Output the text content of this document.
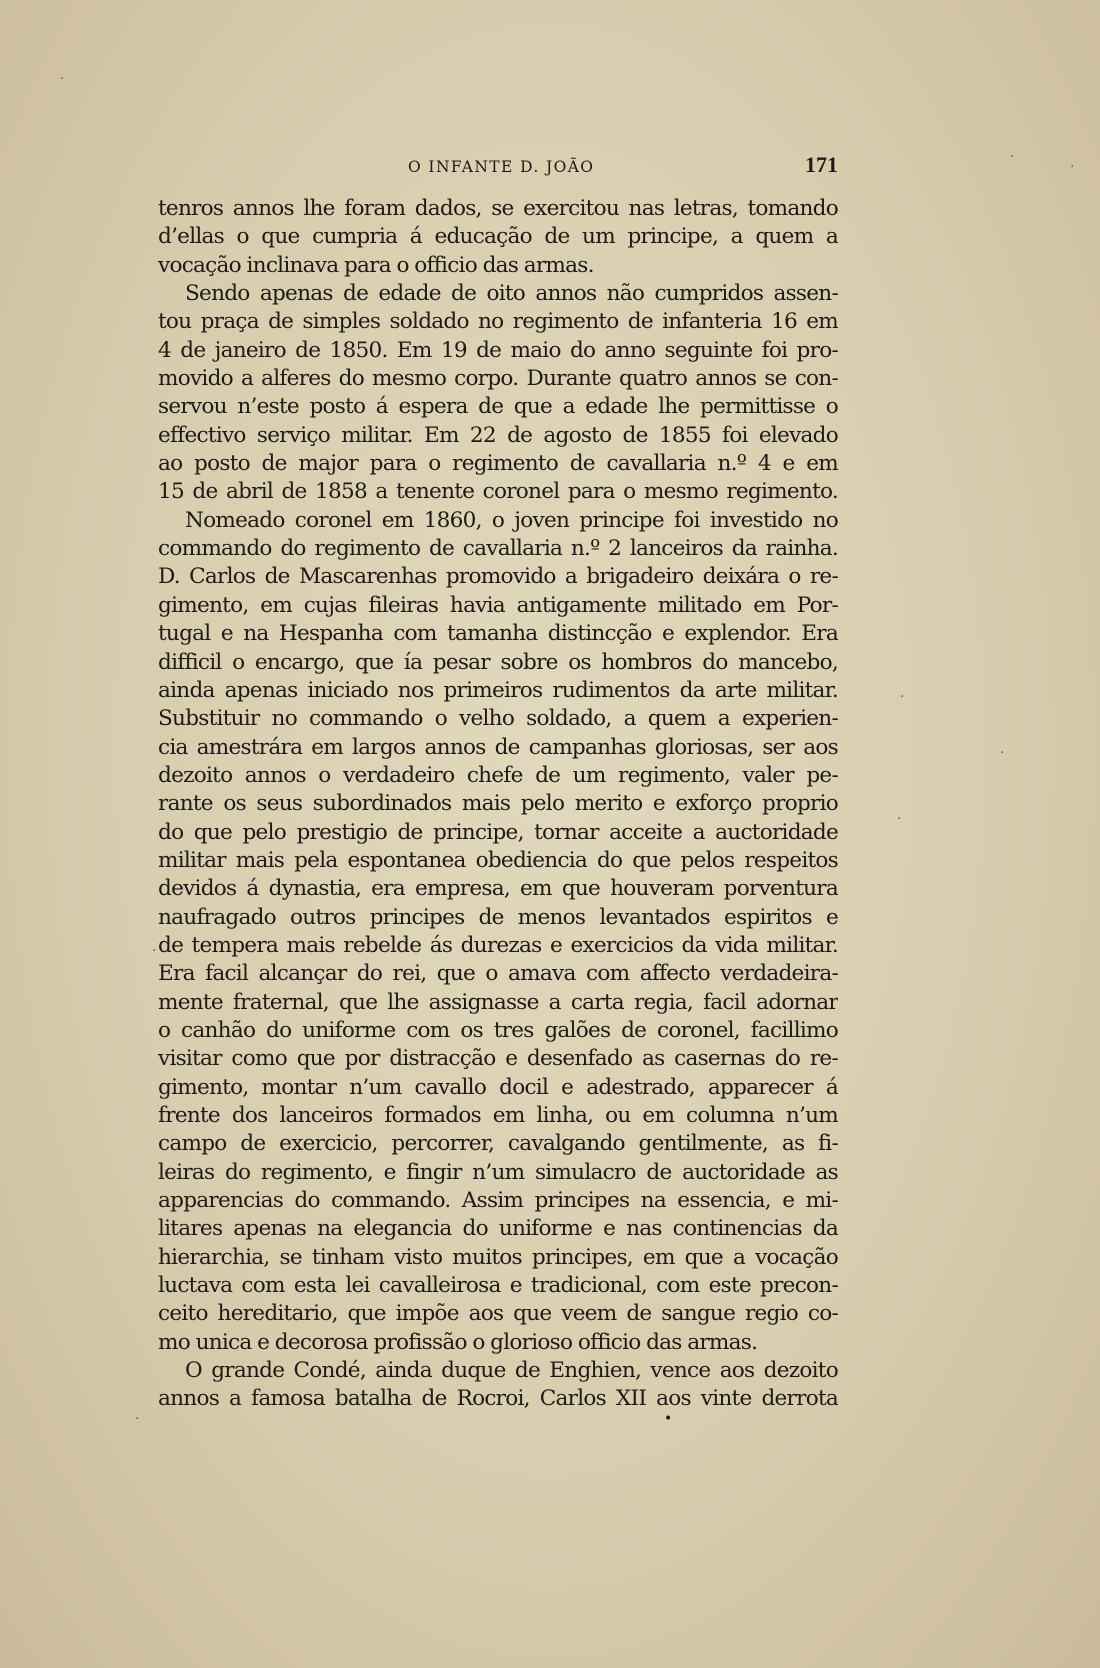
O INFANTE D. JOÃO	171
tenros annos lhe foram dados, se exercitou nas letras, tomando
d’ellas o que cumpria á educação de um principe, a quem a
vocação inclinava para o officio das armas.
Sendo apenas de edade de oito annos não cumpridos assen-
tou praça de simples soldado no regimento de infanteria 16 em
4 de janeiro de 1850. Em 19 de maio do anno seguinte foi pro-
movido a alferes do mesmo corpo. Durante quatro annos se con-
servou n’este posto á espera de que a edade lhe permittisse o
effectivo serviço militar. Em 22 de agosto de 1855 foi elevado
ao posto de major para o regimento de cavallaria n.º 4 e em
15 de abril de 1858 a tenente coronel para o mesmo regimento.
Nomeado coronel em 1860, o joven principe foi investido no
commando do regimento de cavallaria n.º 2 lanceiros da rainha.
D. Carlos de Mascarenhas promovido a brigadeiro deixára o re-
gimento, em cujas fileiras havia antigamente militado em Por-
tugal e na Hespanha com tamanha distincção e explendor. Era
difficil o encargo, que ía pesar sobre os hombros do mancebo,
ainda apenas iniciado nos primeiros rudimentos da arte militar.
Substituir no commando o velho soldado, a quem a experien-
cia amestrára em largos annos de campanhas gloriosas, ser aos
dezoito annos o verdadeiro chefe de um regimento, valer pe-
rante os seus subordinados mais pelo merito e exforço proprio
do que pelo prestigio de principe, tornar acceite a auctoridade
militar mais pela espontanea obediencia do que pelos respeitos
devidos á dynastia, era empresa, em que houveram porventura
naufragado outros principes de menos levantados espiritos e
de tempera mais rebelde ás durezas e exercicios da vida militar.
Era facil alcançar do rei, que o amava com affecto verdadeira-
mente fraternal, que lhe assignasse a carta regia, facil adornar
o canhão do uniforme com os tres galões de coronel, facillimo
visitar como que por distracção e desenfado as casernas do re-
gimento, montar n’um cavallo docil e adestrado, apparecer á
frente dos lanceiros formados em linha, ou em columna n’um
campo de exercicio, percorrer, cavalgando gentilmente, as fi-
leiras do regimento, e fingir n’um simulacro de auctoridade as
apparencias do commando. Assim principes na essencia, e mi-
litares apenas na elegancia do uniforme e nas continencias da
hierarchia, se tinham visto muitos principes, em que a vocação
luctava com esta lei cavalleirosa e tradicional, com este precon-
ceito hereditario, que impõe aos que veem de sangue regio co-
mo unica e decorosa profissão o glorioso officio das armas.
O grande Condé, ainda duque de Enghien, vence aos dezoito
annos a famosa batalha de Rocroi, Carlos XII aos vinte derrota
•
·
·
·
·
·
·
·
·
